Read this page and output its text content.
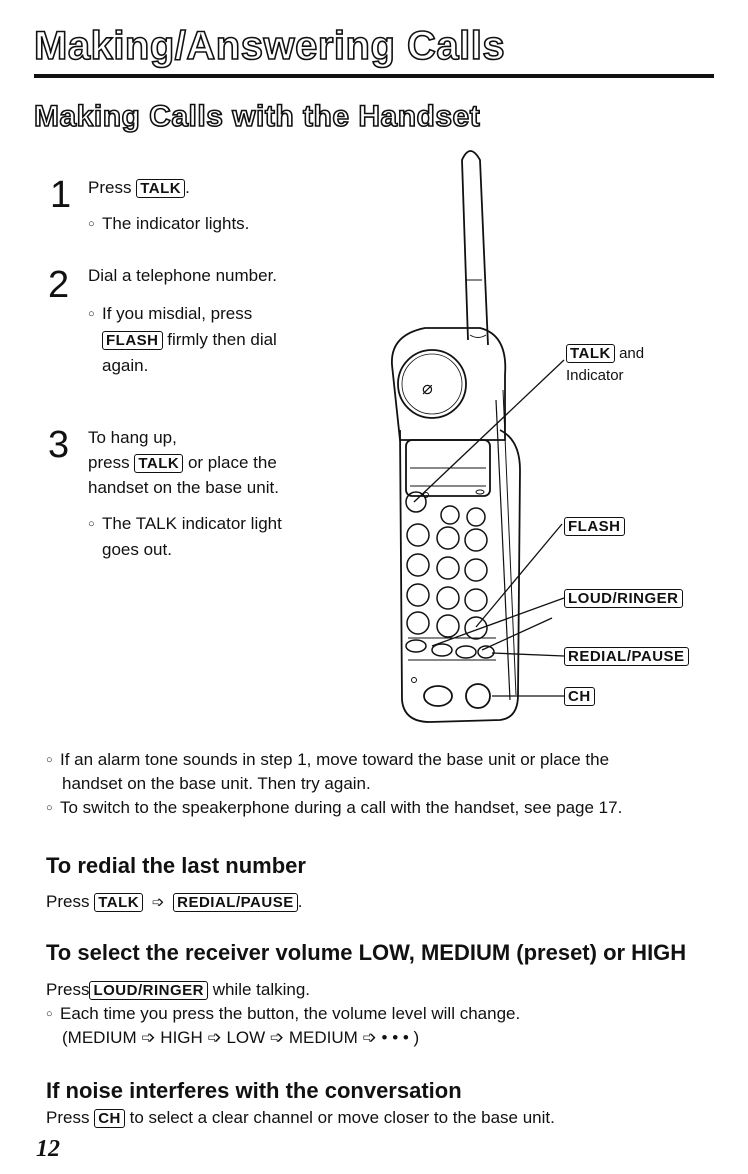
Making/Answering Calls
Making Calls with the Handset
1 Press TALK .
○ The indicator lights.
2 Dial a telephone number.
○ If you misdial, press
FLASH firmly then dial
again.
3 To hang up,
press TALK or place the
handset on the base unit.
○ The TALK indicator light
goes out.
⌀
TALK and
Indicator
FLASH
LOUD/RINGER
REDIAL/PAUSE
CH
○ If an alarm tone sounds in step 1, move toward the base unit or place the
handset on the base unit. Then try again.
○ To switch to the speakerphone during a call with the handset, see page 17.
To redial the last number
Press TALK ➩ REDIAL/PAUSE .
To select the receiver volume LOW, MEDIUM (preset) or HIGH
Press LOUD/RINGER while talking.
○ Each time you press the button, the volume level will change.
(MEDIUM ➩ HIGH ➩ LOW ➩ MEDIUM ➩ • • • )
If noise interferes with the conversation
Press CH to select a clear channel or move closer to the base unit.
12
